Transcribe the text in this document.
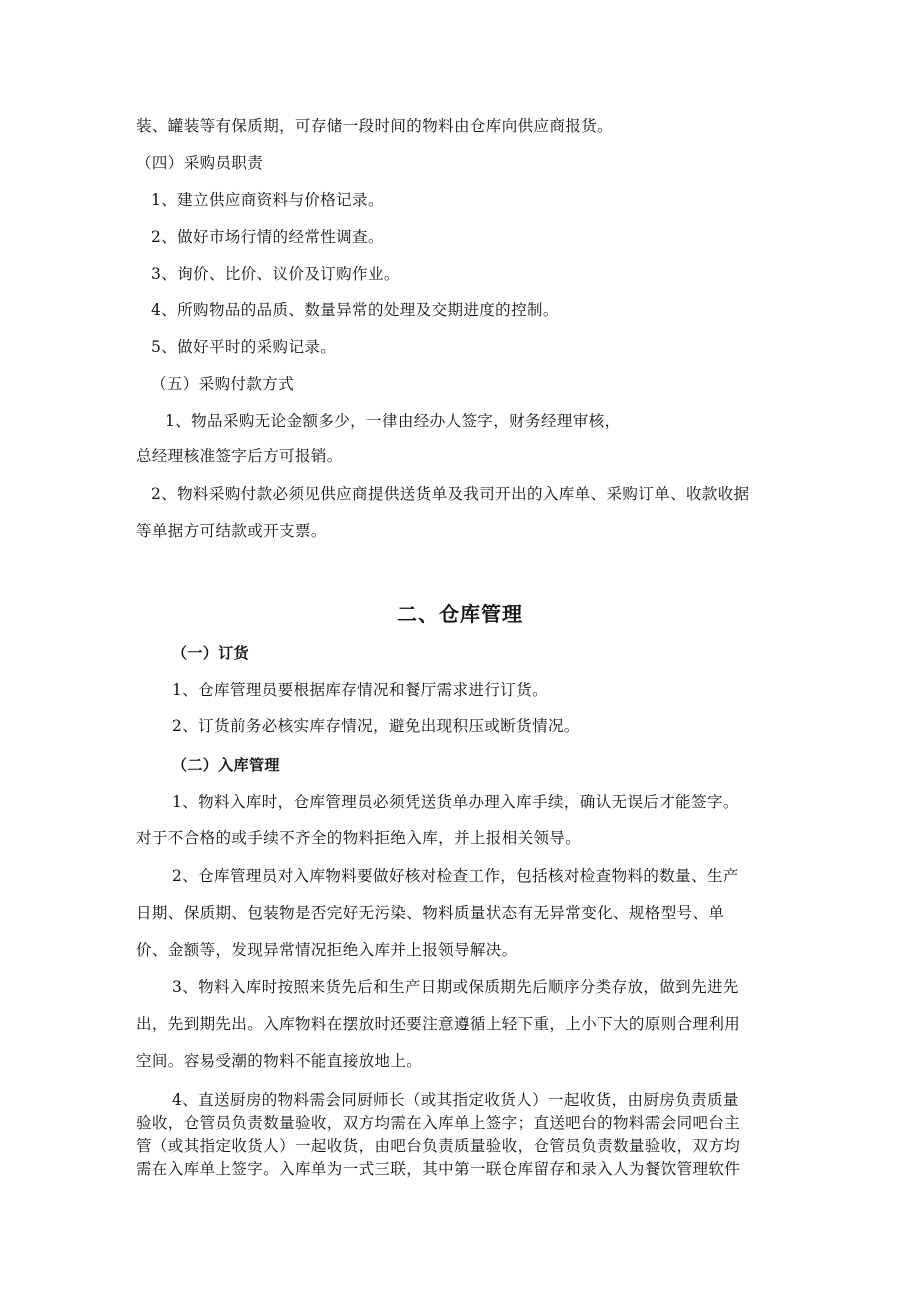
装、罐装等有保质期，可存储一段时间的物料由仓库向供应商报货。
（四）采购员职责
1、建立供应商资料与价格记录。
2、做好市场行情的经常性调查。
3、询价、比价、议价及订购作业。
4、所购物品的品质、数量异常的处理及交期进度的控制。
5、做好平时的采购记录。
（五）采购付款方式
1、物品采购无论金额多少，一律由经办人签字，财务经理审核，
总经理核准签字后方可报销。
2、物料采购付款必须见供应商提供送货单及我司开出的入库单、采购订单、收款收据
等单据方可结款或开支票。
二、仓库管理
（一）订货
1、仓库管理员要根据库存情况和餐厅需求进行订货。
2、订货前务必核实库存情况，避免出现积压或断货情况。
（二）入库管理
1、物料入库时，仓库管理员必须凭送货单办理入库手续，确认无误后才能签字。
对于不合格的或手续不齐全的物料拒绝入库，并上报相关领导。
2、仓库管理员对入库物料要做好核对检查工作，包括核对检查物料的数量、生产
日期、保质期、包装物是否完好无污染、物料质量状态有无异常变化、规格型号、单
价、金额等，发现异常情况拒绝入库并上报领导解决。
3、物料入库时按照来货先后和生产日期或保质期先后顺序分类存放，做到先进先
出，先到期先出。入库物料在摆放时还要注意遵循上轻下重，上小下大的原则合理利用
空间。容易受潮的物料不能直接放地上。
4、直送厨房的物料需会同厨师长（或其指定收货人）一起收货，由厨房负责质量
验收，仓管员负责数量验收，双方均需在入库单上签字；直送吧台的物料需会同吧台主
管（或其指定收货人）一起收货，由吧台负责质量验收，仓管员负责数量验收，双方均
需在入库单上签字。入库单为一式三联，其中第一联仓库留存和录入人为餐饮管理软件
